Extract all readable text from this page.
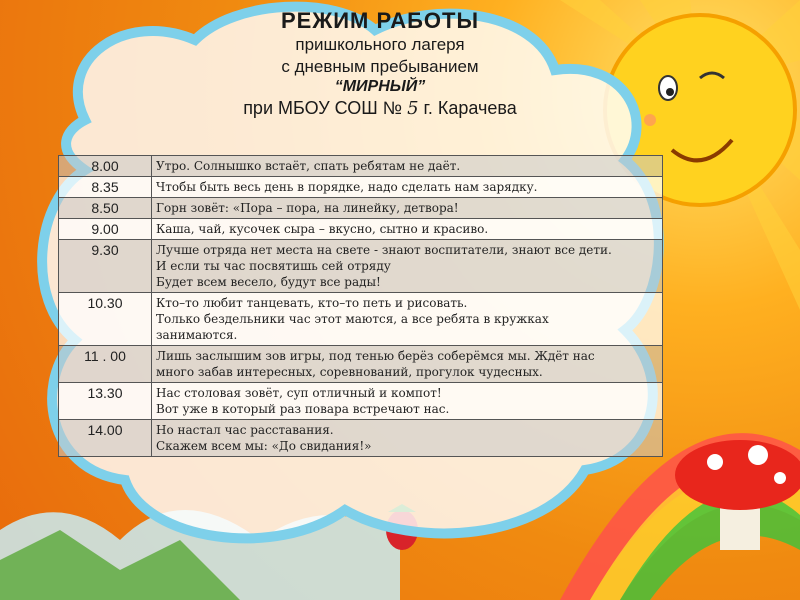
РЕЖИМ РАБОТЫ
пришкольного лагеря
с дневным пребыванием
“МИРНЫЙ”
при МБОУ СОШ № 5 г. Карачева
8.00	Утро. Солнышко встаёт, спать ребятам не даёт.

8.35	Чтобы быть весь день в порядке, надо сделать нам зарядку.

8.50	Горн зовёт: «Пора – пора, на линейку, детвора!

9.00	Каша, чай, кусочек сыра – вкусно, сытно и красиво.

9.30	Лучше отряда нет места на свете - знают воспитатели, знают все дети.
И если ты час посвятишь сей отряду
Будет всем весело, будут все рады!

10.30	Кто–то любит танцевать, кто–то петь и рисовать.
Только бездельники час этот маются, а все ребята в кружках
занимаются.

11 . 00	Лишь заслышим зов игры, под тенью берёз соберёмся мы. Ждёт нас
много забав интересных, соревнований, прогулок чудесных.

13.30	Нас столовая зовёт, суп отличный и компот!
Вот уже в который раз повара встречают нас.

14.00	Но настал час расставания.
Скажем всем мы: «До свидания!»
